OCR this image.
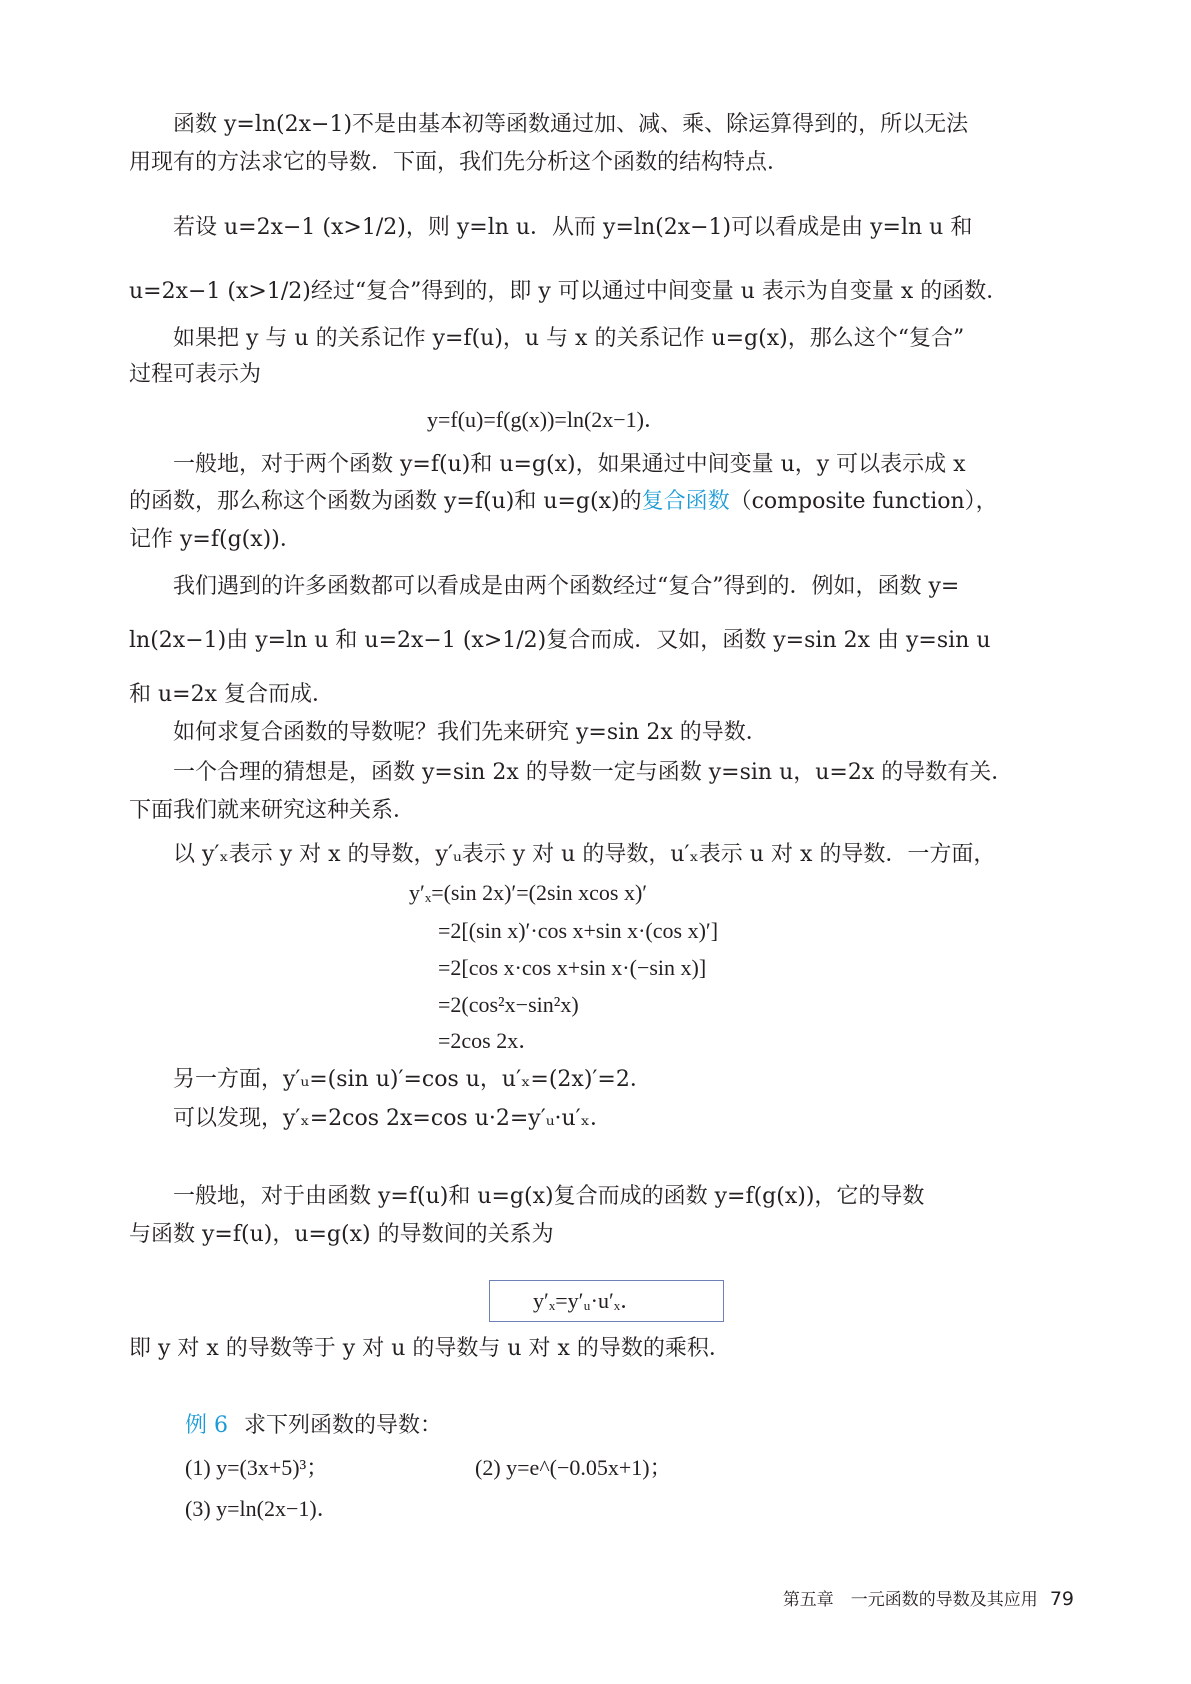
函数 y=ln(2x−1)不是由基本初等函数通过加、减、乘、除运算得到的，所以无法
用现有的方法求它的导数．下面，我们先分析这个函数的结构特点．
若设 u=2x−1 (x>1/2)，则 y=ln u．从而 y=ln(2x−1)可以看成是由 y=ln u 和
u=2x−1 (x>1/2)经过“复合”得到的，即 y 可以通过中间变量 u 表示为自变量 x 的函数．
如果把 y 与 u 的关系记作 y=f(u)，u 与 x 的关系记作 u=g(x)，那么这个“复合”
过程可表示为
y=f(u)=f(g(x))=ln(2x−1)．
一般地，对于两个函数 y=f(u)和 u=g(x)，如果通过中间变量 u，y 可以表示成 x
的函数，那么称这个函数为函数 y=f(u)和 u=g(x)的复合函数（composite function），
记作 y=f(g(x))．
我们遇到的许多函数都可以看成是由两个函数经过“复合”得到的．例如，函数 y=
ln(2x−1)由 y=ln u 和 u=2x−1 (x>1/2)复合而成．又如，函数 y=sin 2x 由 y=sin u
和 u=2x 复合而成．
如何求复合函数的导数呢？我们先来研究 y=sin 2x 的导数．
一个合理的猜想是，函数 y=sin 2x 的导数一定与函数 y=sin u，u=2x 的导数有关．
下面我们就来研究这种关系．
以 y′ₓ表示 y 对 x 的导数，y′ᵤ表示 y 对 u 的导数，u′ₓ表示 u 对 x 的导数．一方面，
y′ₓ=(sin 2x)′=(2sin xcos x)′
=2[(sin x)′·cos x+sin x·(cos x)′]
=2[cos x·cos x+sin x·(−sin x)]
=2(cos²x−sin²x)
=2cos 2x．
另一方面，y′ᵤ=(sin u)′=cos u，u′ₓ=(2x)′=2．
可以发现，y′ₓ=2cos 2x=cos u·2=y′ᵤ·u′ₓ．
一般地，对于由函数 y=f(u)和 u=g(x)复合而成的函数 y=f(g(x))，它的导数
与函数 y=f(u)，u=g(x) 的导数间的关系为
y′ₓ=y′ᵤ·u′ₓ．
即 y 对 x 的导数等于 y 对 u 的导数与 u 对 x 的导数的乘积．
例 6 求下列函数的导数：
(1) y=(3x+5)³；	(2) y=e^(−0.05x+1)；
(3) y=ln(2x−1)．
第五章　一元函数的导数及其应用 79
